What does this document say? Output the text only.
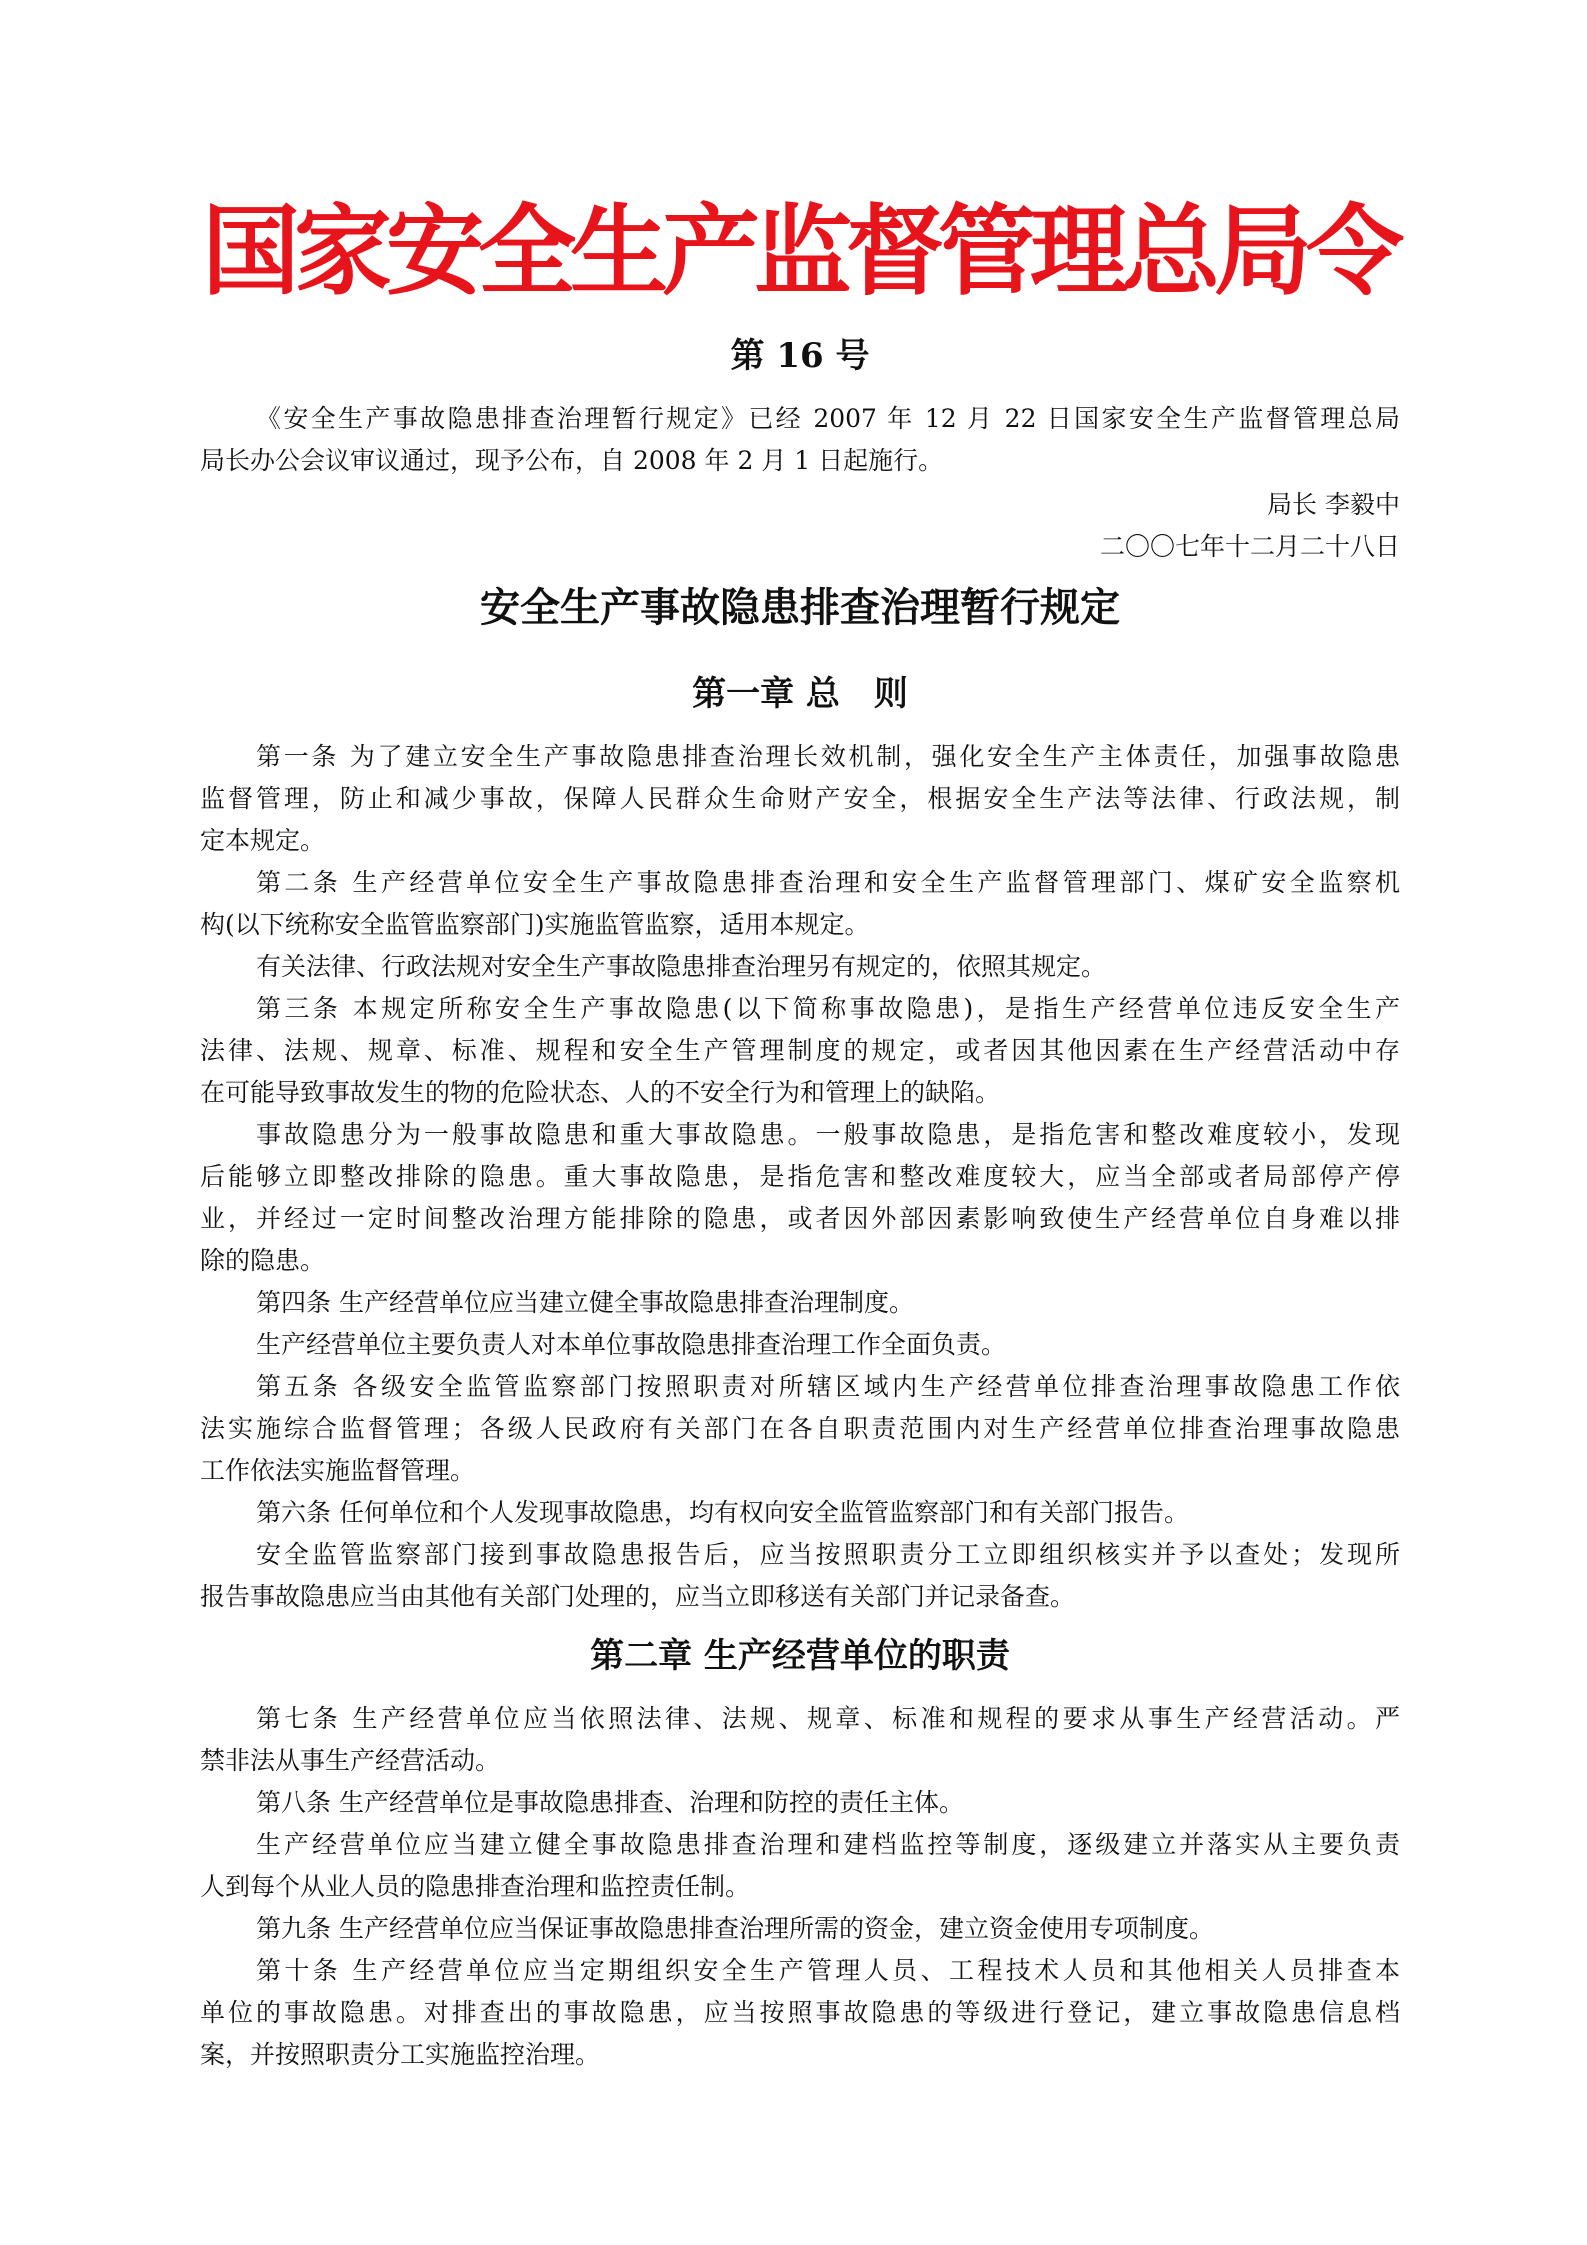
国家安全生产监督管理总局令
第 16 号
《安全生产事故隐患排查治理暂行规定》已经 2007 年 12 月 22 日国家安全生产监督管理总局
局长办公会议审议通过，现予公布，自 2008 年 2 月 1 日起施行。
局长 李毅中
二〇〇七年十二月二十八日
安全生产事故隐患排查治理暂行规定
第一章 总　则
第一条 为了建立安全生产事故隐患排查治理长效机制，强化安全生产主体责任，加强事故隐患
监督管理，防止和减少事故，保障人民群众生命财产安全，根据安全生产法等法律、行政法规，制
定本规定。
第二条 生产经营单位安全生产事故隐患排查治理和安全生产监督管理部门、煤矿安全监察机
构(以下统称安全监管监察部门)实施监管监察，适用本规定。
有关法律、行政法规对安全生产事故隐患排查治理另有规定的，依照其规定。
第三条 本规定所称安全生产事故隐患(以下简称事故隐患)，是指生产经营单位违反安全生产
法律、法规、规章、标准、规程和安全生产管理制度的规定，或者因其他因素在生产经营活动中存
在可能导致事故发生的物的危险状态、人的不安全行为和管理上的缺陷。
事故隐患分为一般事故隐患和重大事故隐患。一般事故隐患，是指危害和整改难度较小，发现
后能够立即整改排除的隐患。重大事故隐患，是指危害和整改难度较大，应当全部或者局部停产停
业，并经过一定时间整改治理方能排除的隐患，或者因外部因素影响致使生产经营单位自身难以排
除的隐患。
第四条 生产经营单位应当建立健全事故隐患排查治理制度。
生产经营单位主要负责人对本单位事故隐患排查治理工作全面负责。
第五条 各级安全监管监察部门按照职责对所辖区域内生产经营单位排查治理事故隐患工作依
法实施综合监督管理；各级人民政府有关部门在各自职责范围内对生产经营单位排查治理事故隐患
工作依法实施监督管理。
第六条 任何单位和个人发现事故隐患，均有权向安全监管监察部门和有关部门报告。
安全监管监察部门接到事故隐患报告后，应当按照职责分工立即组织核实并予以查处；发现所
报告事故隐患应当由其他有关部门处理的，应当立即移送有关部门并记录备查。
第二章 生产经营单位的职责
第七条 生产经营单位应当依照法律、法规、规章、标准和规程的要求从事生产经营活动。严
禁非法从事生产经营活动。
第八条 生产经营单位是事故隐患排查、治理和防控的责任主体。
生产经营单位应当建立健全事故隐患排查治理和建档监控等制度，逐级建立并落实从主要负责
人到每个从业人员的隐患排查治理和监控责任制。
第九条 生产经营单位应当保证事故隐患排查治理所需的资金，建立资金使用专项制度。
第十条 生产经营单位应当定期组织安全生产管理人员、工程技术人员和其他相关人员排查本
单位的事故隐患。对排查出的事故隐患，应当按照事故隐患的等级进行登记，建立事故隐患信息档
案，并按照职责分工实施监控治理。
